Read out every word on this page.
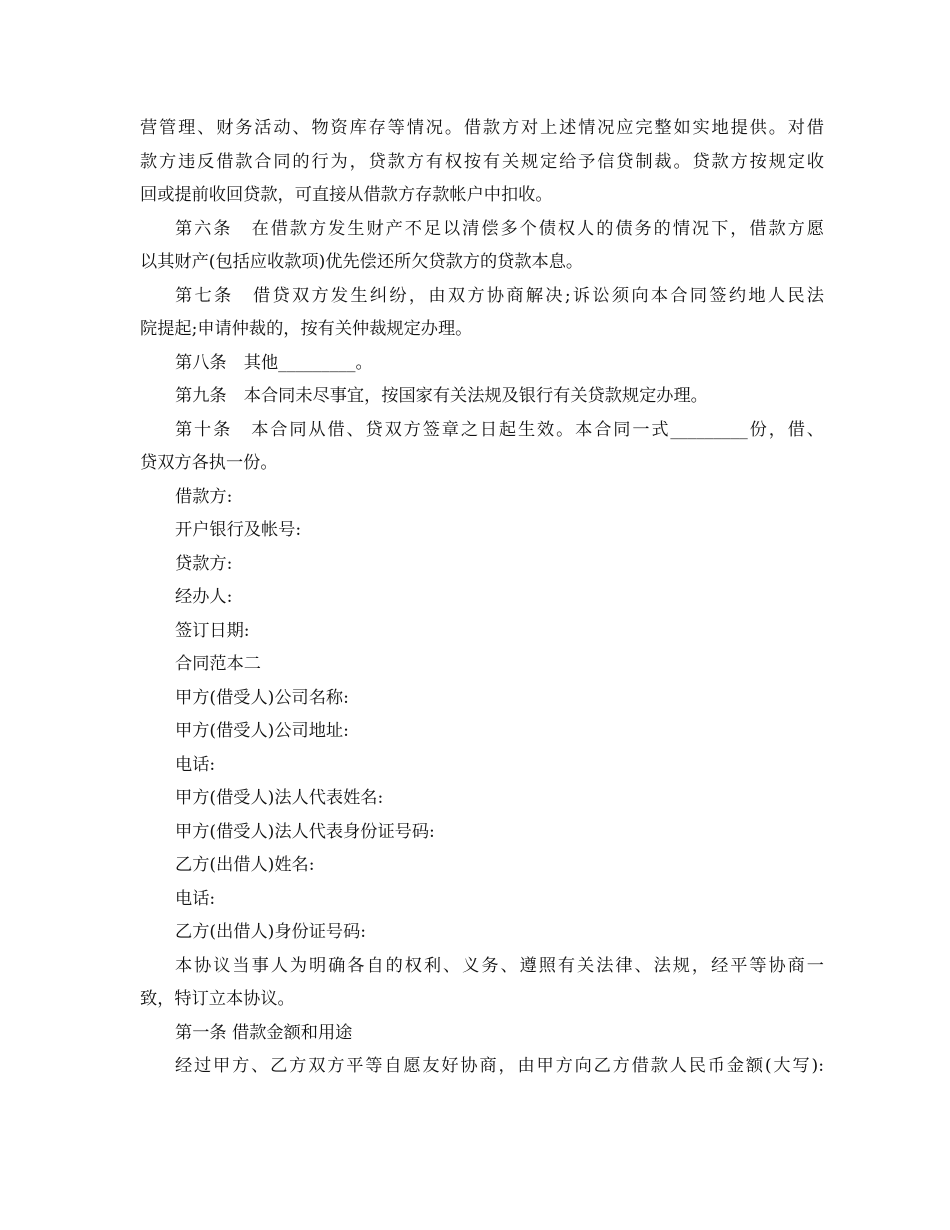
营管理、财务活动、物资库存等情况。借款方对上述情况应完整如实地提供。对借
款方违反借款合同的行为，贷款方有权按有关规定给予信贷制裁。贷款方按规定收
回或提前收回贷款，可直接从借款方存款帐户中扣收。
第六条　在借款方发生财产不足以清偿多个债权人的债务的情况下，借款方愿
以其财产(包括应收款项)优先偿还所欠贷款方的贷款本息。
第七条　借贷双方发生纠纷，由双方协商解决;诉讼须向本合同签约地人民法
院提起;申请仲裁的，按有关仲裁规定办理。
第八条　其他_________。
第九条　本合同未尽事宜，按国家有关法规及银行有关贷款规定办理。
第十条　本合同从借、贷双方签章之日起生效。本合同一式_________份，借、
贷双方各执一份。
借款方:
开户银行及帐号:
贷款方:
经办人:
签订日期:
合同范本二
甲方(借受人)公司名称:
甲方(借受人)公司地址:
电话:
甲方(借受人)法人代表姓名:
甲方(借受人)法人代表身份证号码:
乙方(出借人)姓名:
电话:
乙方(出借人)身份证号码:
本协议当事人为明确各自的权利、义务、遵照有关法律、法规，经平等协商一
致，特订立本协议。
第一条 借款金额和用途
经过甲方、乙方双方平等自愿友好协商，由甲方向乙方借款人民币金额(大写):
